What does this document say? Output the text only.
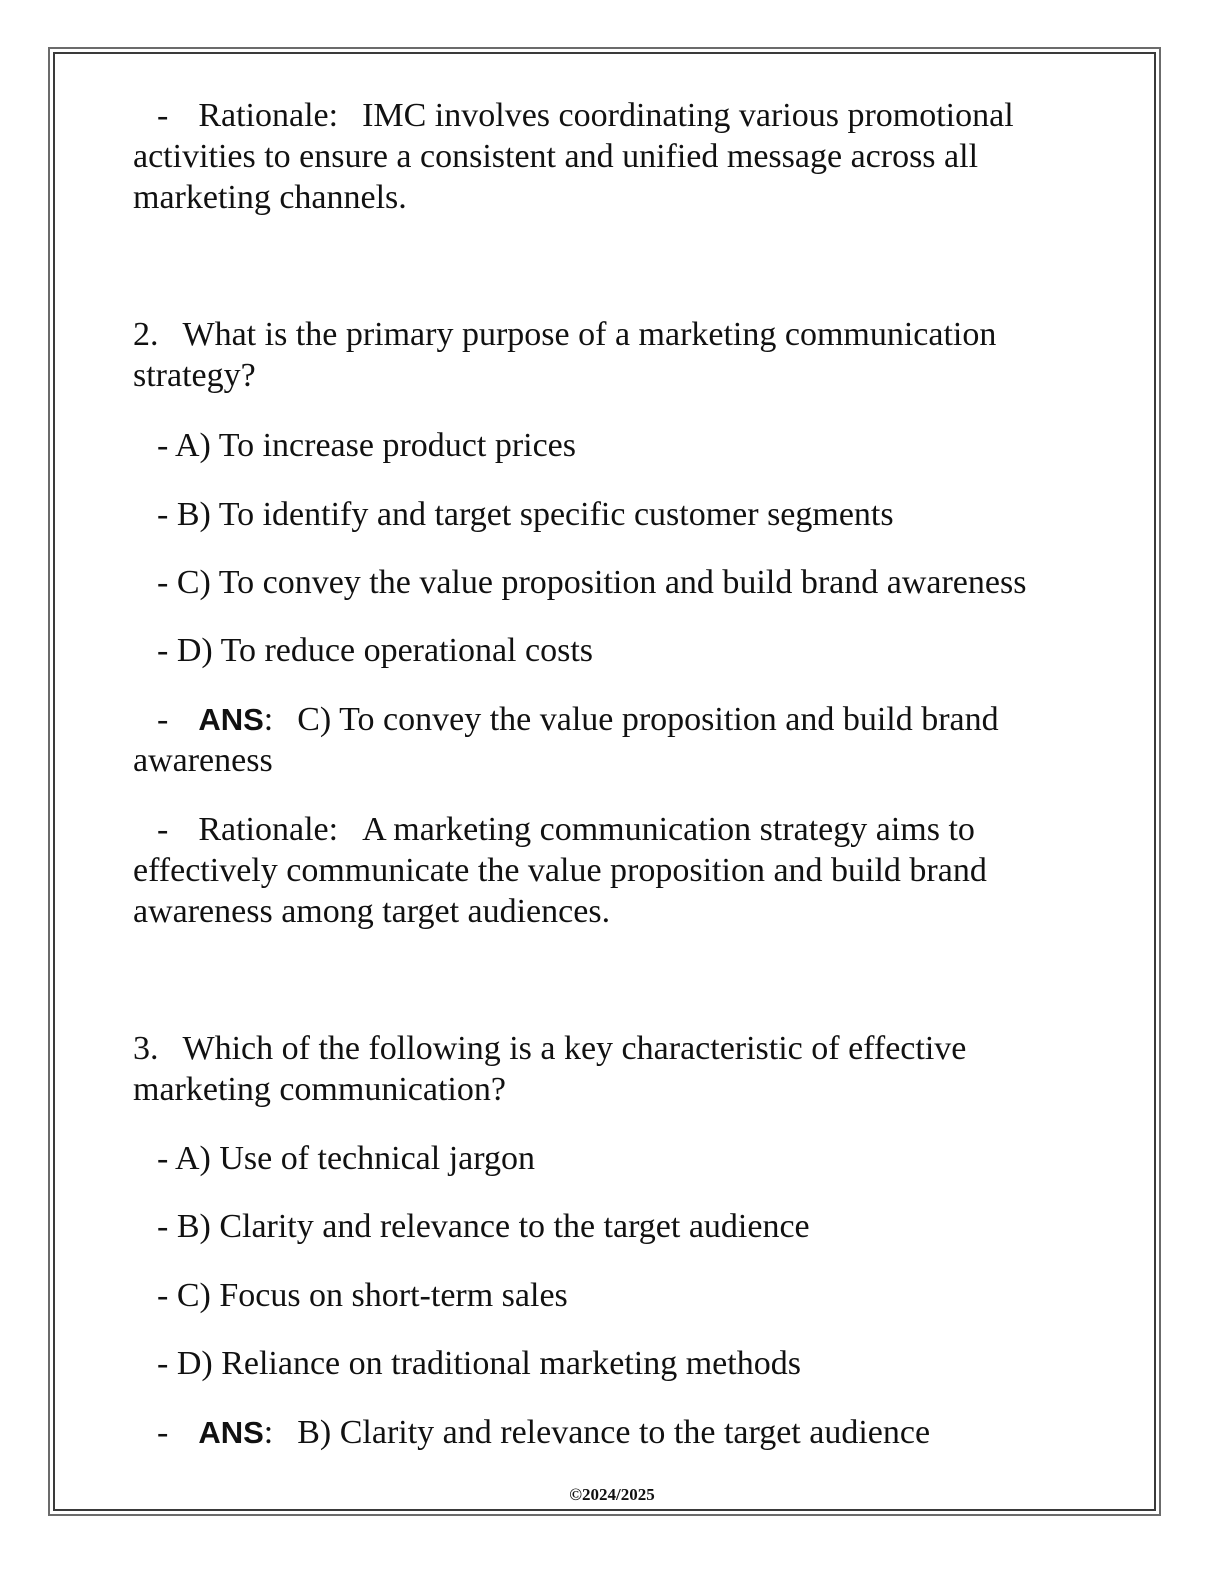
- Rationale: IMC involves coordinating various promotional
activities to ensure a consistent and unified message across all
marketing channels.
2. What is the primary purpose of a marketing communication
strategy?
- A) To increase product prices
- B) To identify and target specific customer segments
- C) To convey the value proposition and build brand awareness
- D) To reduce operational costs
- ANS: C) To convey the value proposition and build brand
awareness
- Rationale: A marketing communication strategy aims to
effectively communicate the value proposition and build brand
awareness among target audiences.
3. Which of the following is a key characteristic of effective
marketing communication?
- A) Use of technical jargon
- B) Clarity and relevance to the target audience
- C) Focus on short-term sales
- D) Reliance on traditional marketing methods
- ANS: B) Clarity and relevance to the target audience
©2024/2025
